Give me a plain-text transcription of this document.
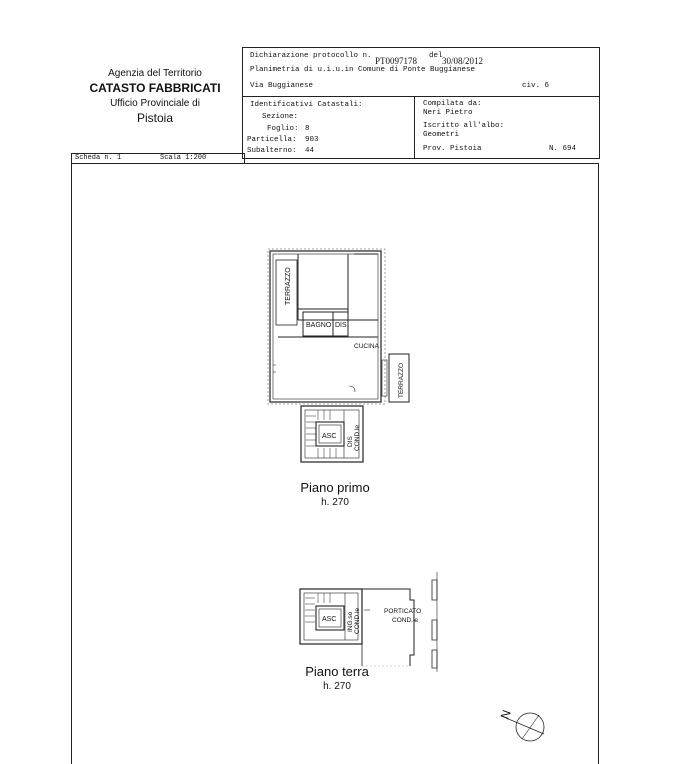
Agenzia del Territorio
CATASTO FABBRICATI
Ufficio Provinciale di
Pistoia
Dichiarazione protocollo n. PT0097178 del 30/08/2012
Planimetria di u.i.u.in Comune di Ponte Buggianese
Via Buggianese	civ. 6
Identificativi Catastali:
Sezione:
Foglio: 8
Particella: 903
Subalterno: 44
Compilata da:
Neri Pietro
Iscritto all'albo:
Geometri
Prov. Pistoia	N. 694
Scheda n. 1	Scala 1:200
TERRAZZO
BAGNO DIS
CUCINA
TERRAZZO
ASC DIS COND.le
ASC ING.so COND.le	PORTICATO
COND.le
N
Piano primo
h. 270
Piano terra
h. 270
